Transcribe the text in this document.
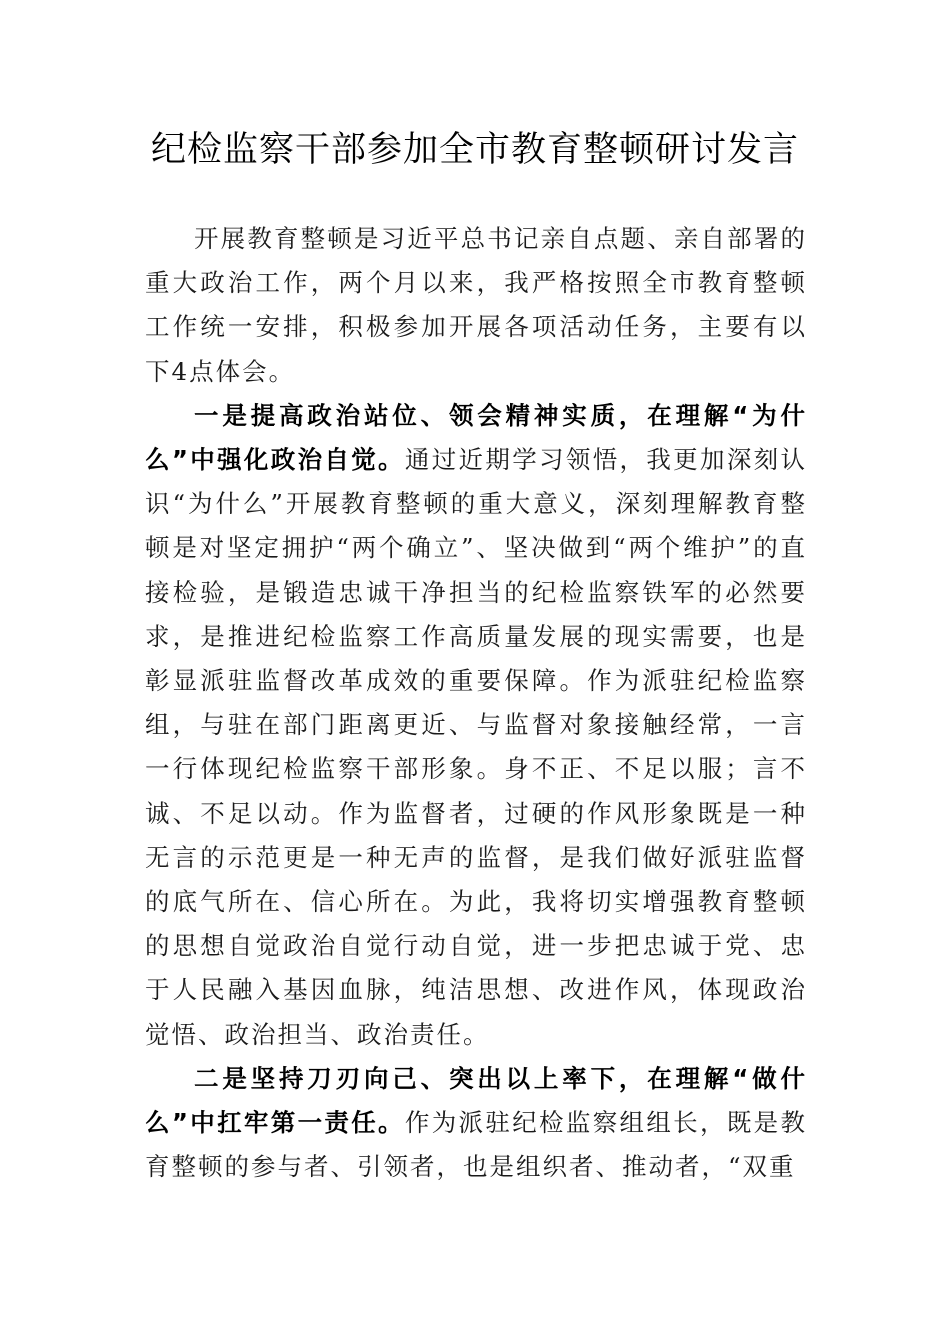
纪检监察干部参加全市教育整顿研讨发言

开展教育整顿是习近平总书记亲自点题、亲自部署的重大政治工作，两个月以来，我严格按照全市教育整顿工作统一安排，积极参加开展各项活动任务，主要有以下4点体会。

一是提高政治站位、领会精神实质，在理解“为什么”中强化政治自觉。通过近期学习领悟，我更加深刻认识“为什么”开展教育整顿的重大意义，深刻理解教育整顿是对坚定拥护“两个确立”、坚决做到“两个维护”的直接检验，是锻造忠诚干净担当的纪检监察铁军的必然要求，是推进纪检监察工作高质量发展的现实需要，也是彰显派驻监督改革成效的重要保障。作为派驻纪检监察组，与驻在部门距离更近、与监督对象接触经常，一言一行体现纪检监察干部形象。身不正、不足以服；言不诚、不足以动。作为监督者，过硬的作风形象既是一种无言的示范更是一种无声的监督，是我们做好派驻监督的底气所在、信心所在。为此，我将切实增强教育整顿的思想自觉政治自觉行动自觉，进一步把忠诚于党、忠于人民融入基因血脉，纯洁思想、改进作风，体现政治觉悟、政治担当、政治责任。

二是坚持刀刃向己、突出以上率下，在理解“做什么”中扛牢第一责任。作为派驻纪检监察组组长，既是教育整顿的参与者、引领者，也是组织者、推动者，“双重
